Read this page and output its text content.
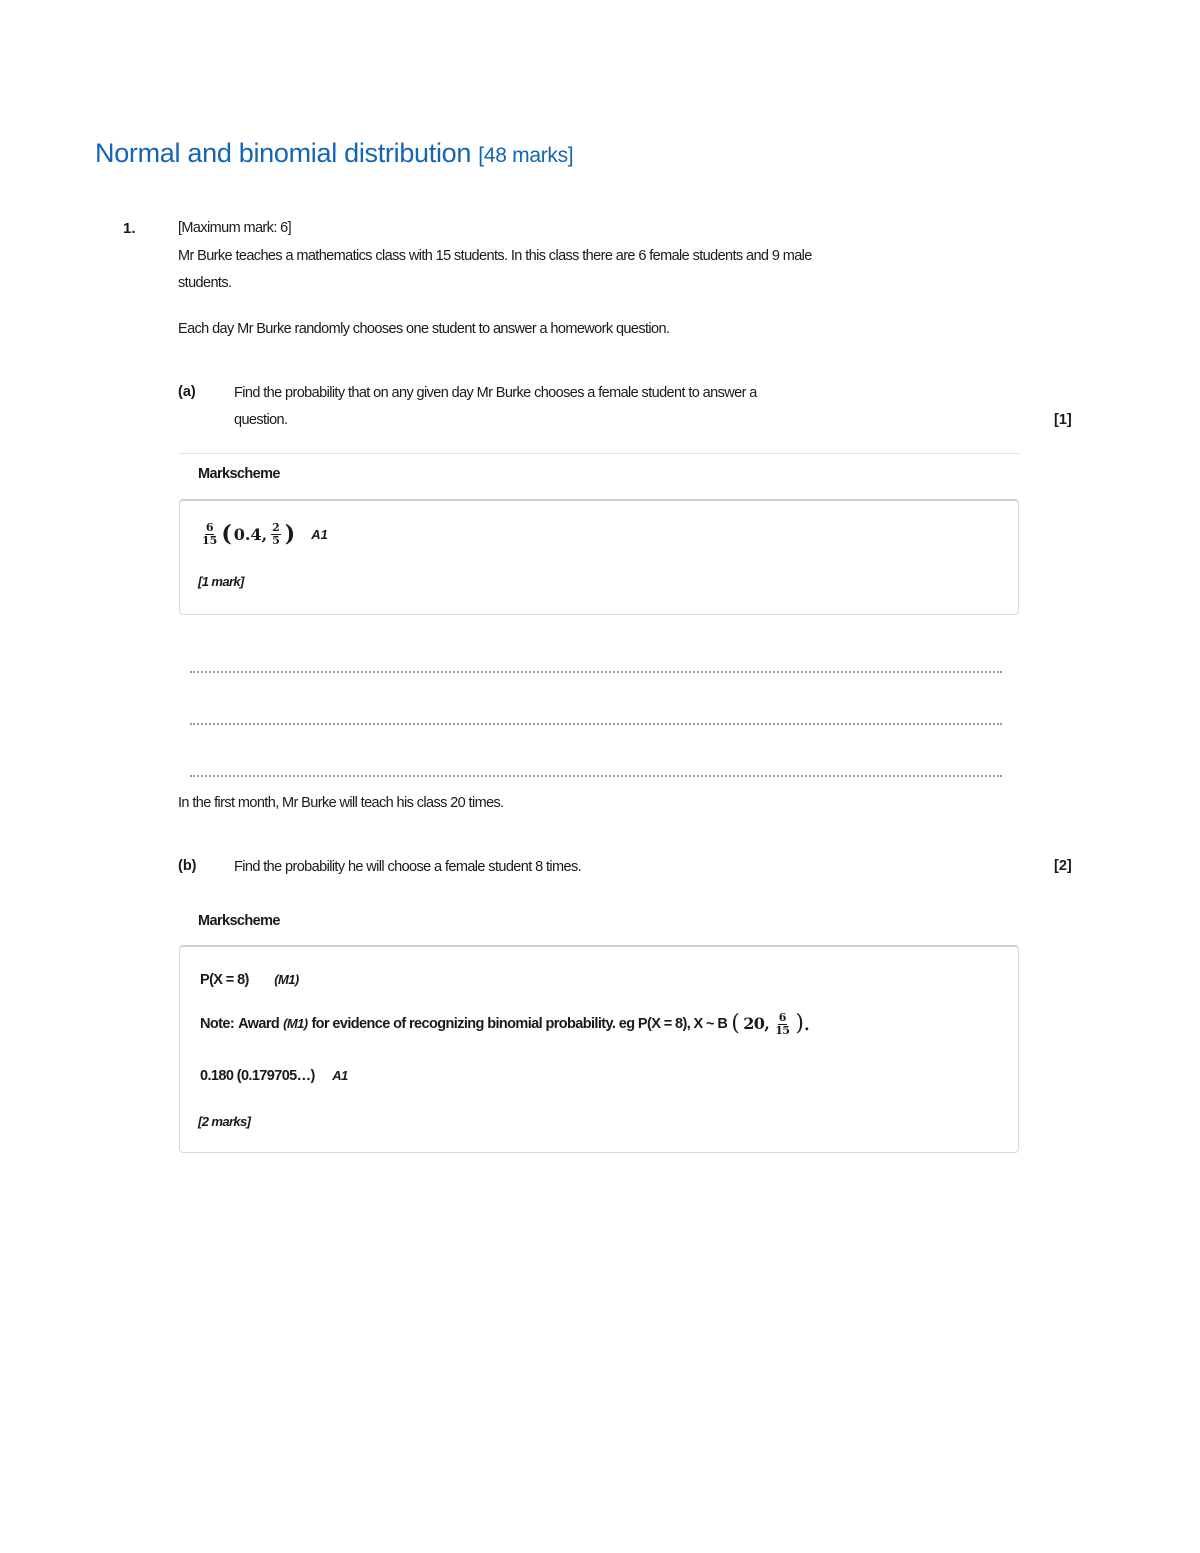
Normal and binomial distribution [48 marks]
1.	[Maximum mark: 6]
Mr Burke teaches a mathematics class with 15 students. In this class there are 6 female students and 9 male
students.
Each day Mr Burke randomly chooses one student to answer a homework question.
(a)	Find the probability that on any given day Mr Burke chooses a female student to answer a
question.	[1]
Markscheme
$\frac{6}{15}$ ( 0.4, $\frac{2}{5}$ ) A1
[1 mark]
In the first month, Mr Burke will teach his class 20 times.
(b)	Find the probability he will choose a female student 8 times.	[2]
Markscheme
P(X = 8) (M1)
Note: Award (M1) for evidence of recognizing binomial probability. eg P(X = 8), X ~ B ( 20, $\frac{6}{15}$ ).
0.180 (0.179705…) A1
[2 marks]
